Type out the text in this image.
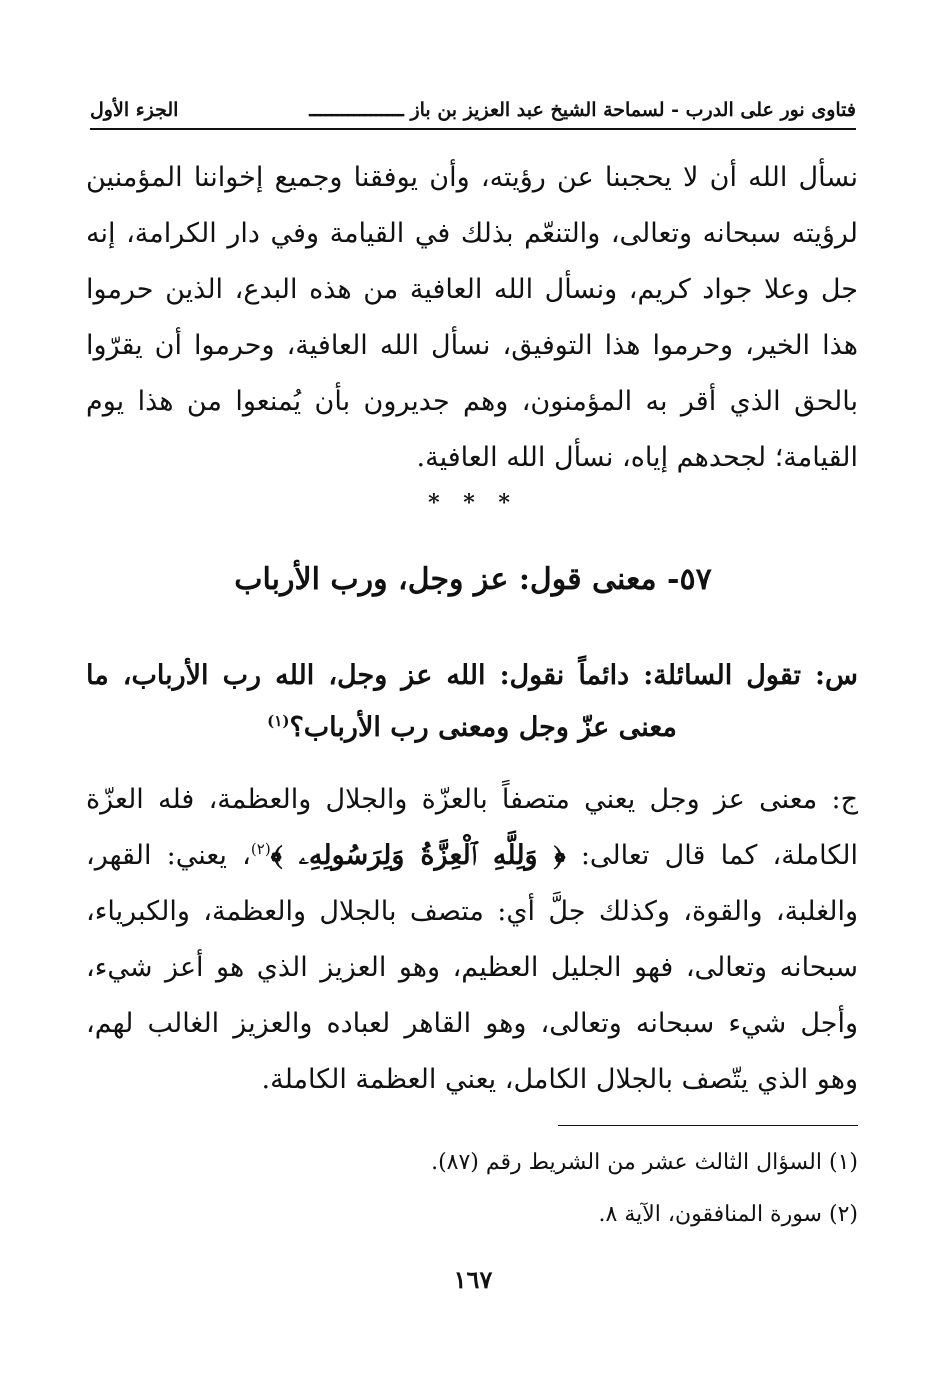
فتاوى نور على الدرب - لسماحة الشيخ عبد العزيز بن باز ـــــــــــــــــ
الجزء الأول

نسأل الله أن لا يحجبنا عن رؤيته، وأن يوفقنا وجميع إخواننا المؤمنين لرؤيته سبحانه وتعالى، والتنعّم بذلك في القيامة وفي دار الكرامة، إنه جل وعلا جواد كريم، ونسأل الله العافية من هذه البدع، الذين حرموا هذا الخير، وحرموا هذا التوفيق، نسأل الله العافية، وحرموا أن يقرّوا بالحق الذي أقر به المؤمنون، وهم جديرون بأن يُمنعوا من هذا يوم القيامة؛ لجحدهم إياه، نسأل الله العافية.

* * *
٥٧- معنى قول: عز وجل، ورب الأرباب

س: تقول السائلة: دائماً نقول: الله عز وجل، الله رب الأرباب، ما معنى عزّ وجل ومعنى رب الأرباب؟$^{(١)}$

ج: معنى عز وجل يعني متصفاً بالعزّة والجلال والعظمة، فله العزّة الكاملة، كما قال تعالى: ﴿ وَلِلَّهِ ٱلْعِزَّةُ وَلِرَسُولِهِۦ ﴾$^{(٢)}$، يعني: القهر، والغلبة، والقوة، وكذلك جلَّ أي: متصف بالجلال والعظمة، والكبرياء، سبحانه وتعالى، فهو الجليل العظيم، وهو العزيز الذي هو أعز شيء، وأجل شيء سبحانه وتعالى، وهو القاهر لعباده والعزيز الغالب لهم، وهو الذي يتّصف بالجلال الكامل، يعني العظمة الكاملة.

(١) السؤال الثالث عشر من الشريط رقم (٨٧).

(٢) سورة المنافقون، الآية ٨.

١٦٧
